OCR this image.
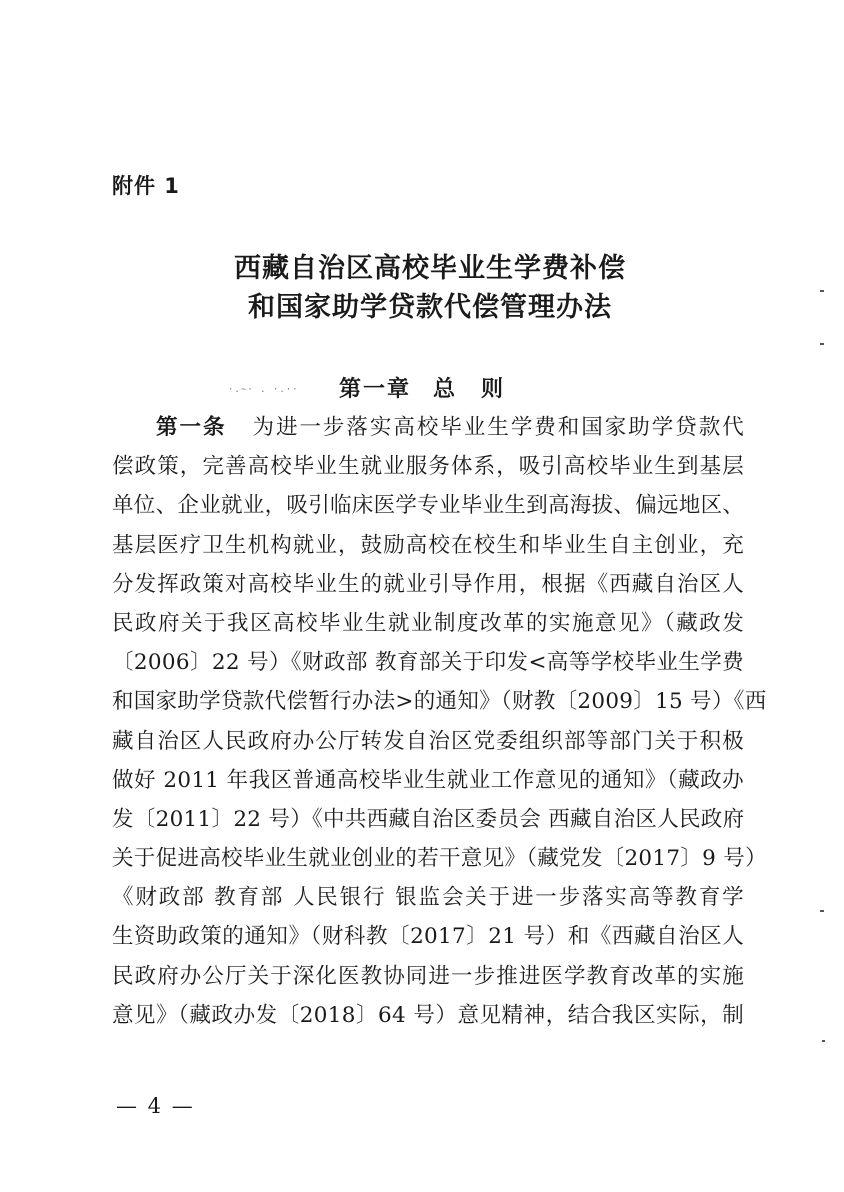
附件 1
西藏自治区高校毕业生学费补偿
和国家助学贷款代偿管理办法
·.~· . ·.··	第一章 总　则
第一条 为进一步落实高校毕业生学费和国家助学贷款代
偿政策，完善高校毕业生就业服务体系，吸引高校毕业生到基层
单位、企业就业，吸引临床医学专业毕业生到高海拔、偏远地区、
基层医疗卫生机构就业，鼓励高校在校生和毕业生自主创业，充
分发挥政策对高校毕业生的就业引导作用，根据《西藏自治区人
民政府关于我区高校毕业生就业制度改革的实施意见》（藏政发
〔2006〕22 号）《财政部 教育部关于印发<高等学校毕业生学费
和国家助学贷款代偿暂行办法>的通知》（财教〔2009〕15 号）《西
藏自治区人民政府办公厅转发自治区党委组织部等部门关于积极
做好 2011 年我区普通高校毕业生就业工作意见的通知》（藏政办
发〔2011〕22 号）《中共西藏自治区委员会 西藏自治区人民政府
关于促进高校毕业生就业创业的若干意见》（藏党发〔2017〕9 号）
《财政部 教育部 人民银行 银监会关于进一步落实高等教育学
生资助政策的通知》（财科教〔2017〕21 号）和《西藏自治区人
民政府办公厅关于深化医教协同进一步推进医学教育改革的实施
意见》（藏政办发〔2018〕64 号）意见精神，结合我区实际，制
— 4 —
